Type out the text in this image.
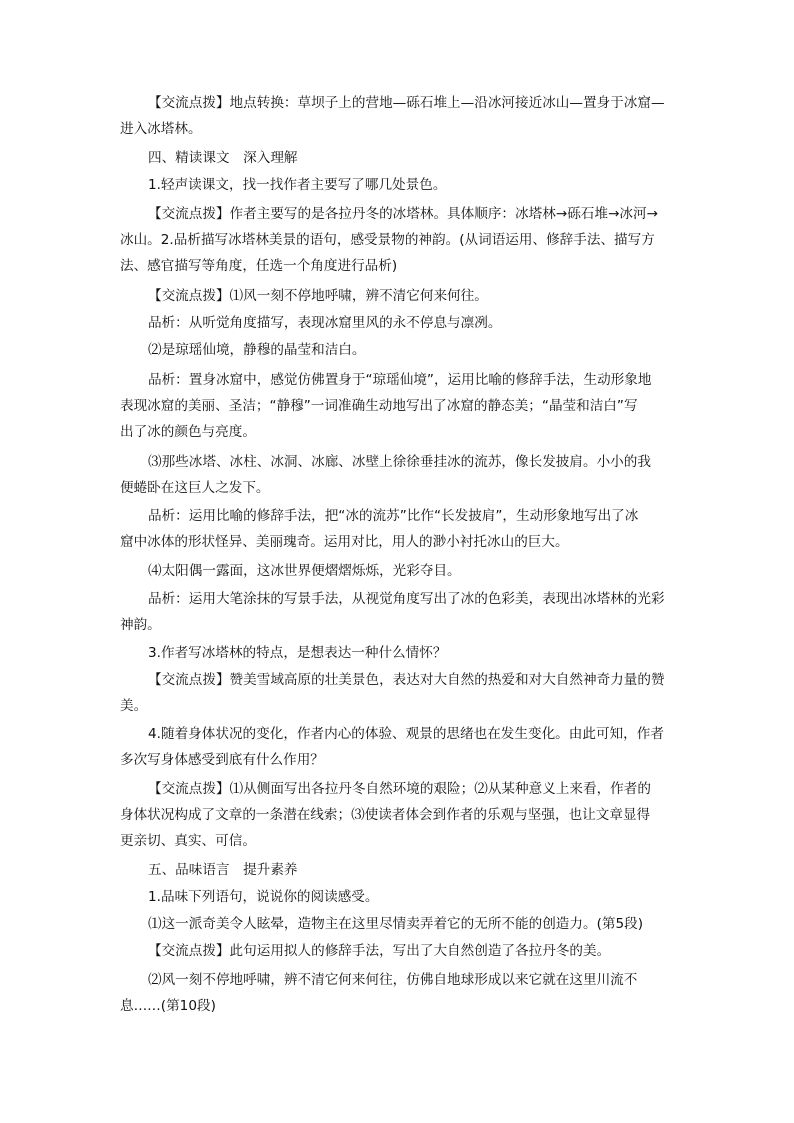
【交流点拨】地点转换：草坝子上的营地—砾石堆上—沿冰河接近冰山—置身于冰窟—
进入冰塔林。

四、精读课文　深入理解

1.轻声读课文，找一找作者主要写了哪几处景色。

【交流点拨】作者主要写的是各拉丹冬的冰塔林。具体顺序：冰塔林→砾石堆→冰河→
冰山。2.品析描写冰塔林美景的语句，感受景物的神韵。(从词语运用、修辞手法、描写方
法、感官描写等角度，任选一个角度进行品析)

【交流点拨】⑴风一刻不停地呼啸，辨不清它何来何往。

品析：从听觉角度描写，表现冰窟里风的永不停息与凛冽。

⑵是琼瑶仙境，静穆的晶莹和洁白。

品析：置身冰窟中，感觉仿佛置身于“琼瑶仙境”，运用比喻的修辞手法，生动形象地
表现冰窟的美丽、圣洁；“静穆”一词准确生动地写出了冰窟的静态美；“晶莹和洁白”写
出了冰的颜色与亮度。

⑶那些冰塔、冰柱、冰洞、冰廊、冰壁上徐徐垂挂冰的流苏，像长发披肩。小小的我
便蜷卧在这巨人之发下。

品析：运用比喻的修辞手法，把“冰的流苏”比作“长发披肩”，生动形象地写出了冰
窟中冰体的形状怪异、美丽瑰奇。运用对比，用人的渺小衬托冰山的巨大。

⑷太阳偶一露面，这冰世界便熠熠烁烁，光彩夺目。

品析：运用大笔涂抹的写景手法，从视觉角度写出了冰的色彩美，表现出冰塔林的光彩
神韵。

3.作者写冰塔林的特点，是想表达一种什么情怀？

【交流点拨】赞美雪域高原的壮美景色，表达对大自然的热爱和对大自然神奇力量的赞
美。

4.随着身体状况的变化，作者内心的体验、观景的思绪也在发生变化。由此可知，作者
多次写身体感受到底有什么作用？

【交流点拨】⑴从侧面写出各拉丹冬自然环境的艰险；⑵从某种意义上来看，作者的
身体状况构成了文章的一条潜在线索；⑶使读者体会到作者的乐观与坚强，也让文章显得
更亲切、真实、可信。

五、品味语言　提升素养

1.品味下列语句，说说你的阅读感受。

⑴这一派奇美令人眩晕，造物主在这里尽情卖弄着它的无所不能的创造力。(第5段)

【交流点拨】此句运用拟人的修辞手法，写出了大自然创造了各拉丹冬的美。

⑵风一刻不停地呼啸，辨不清它何来何往，仿佛自地球形成以来它就在这里川流不
息……(第10段)
